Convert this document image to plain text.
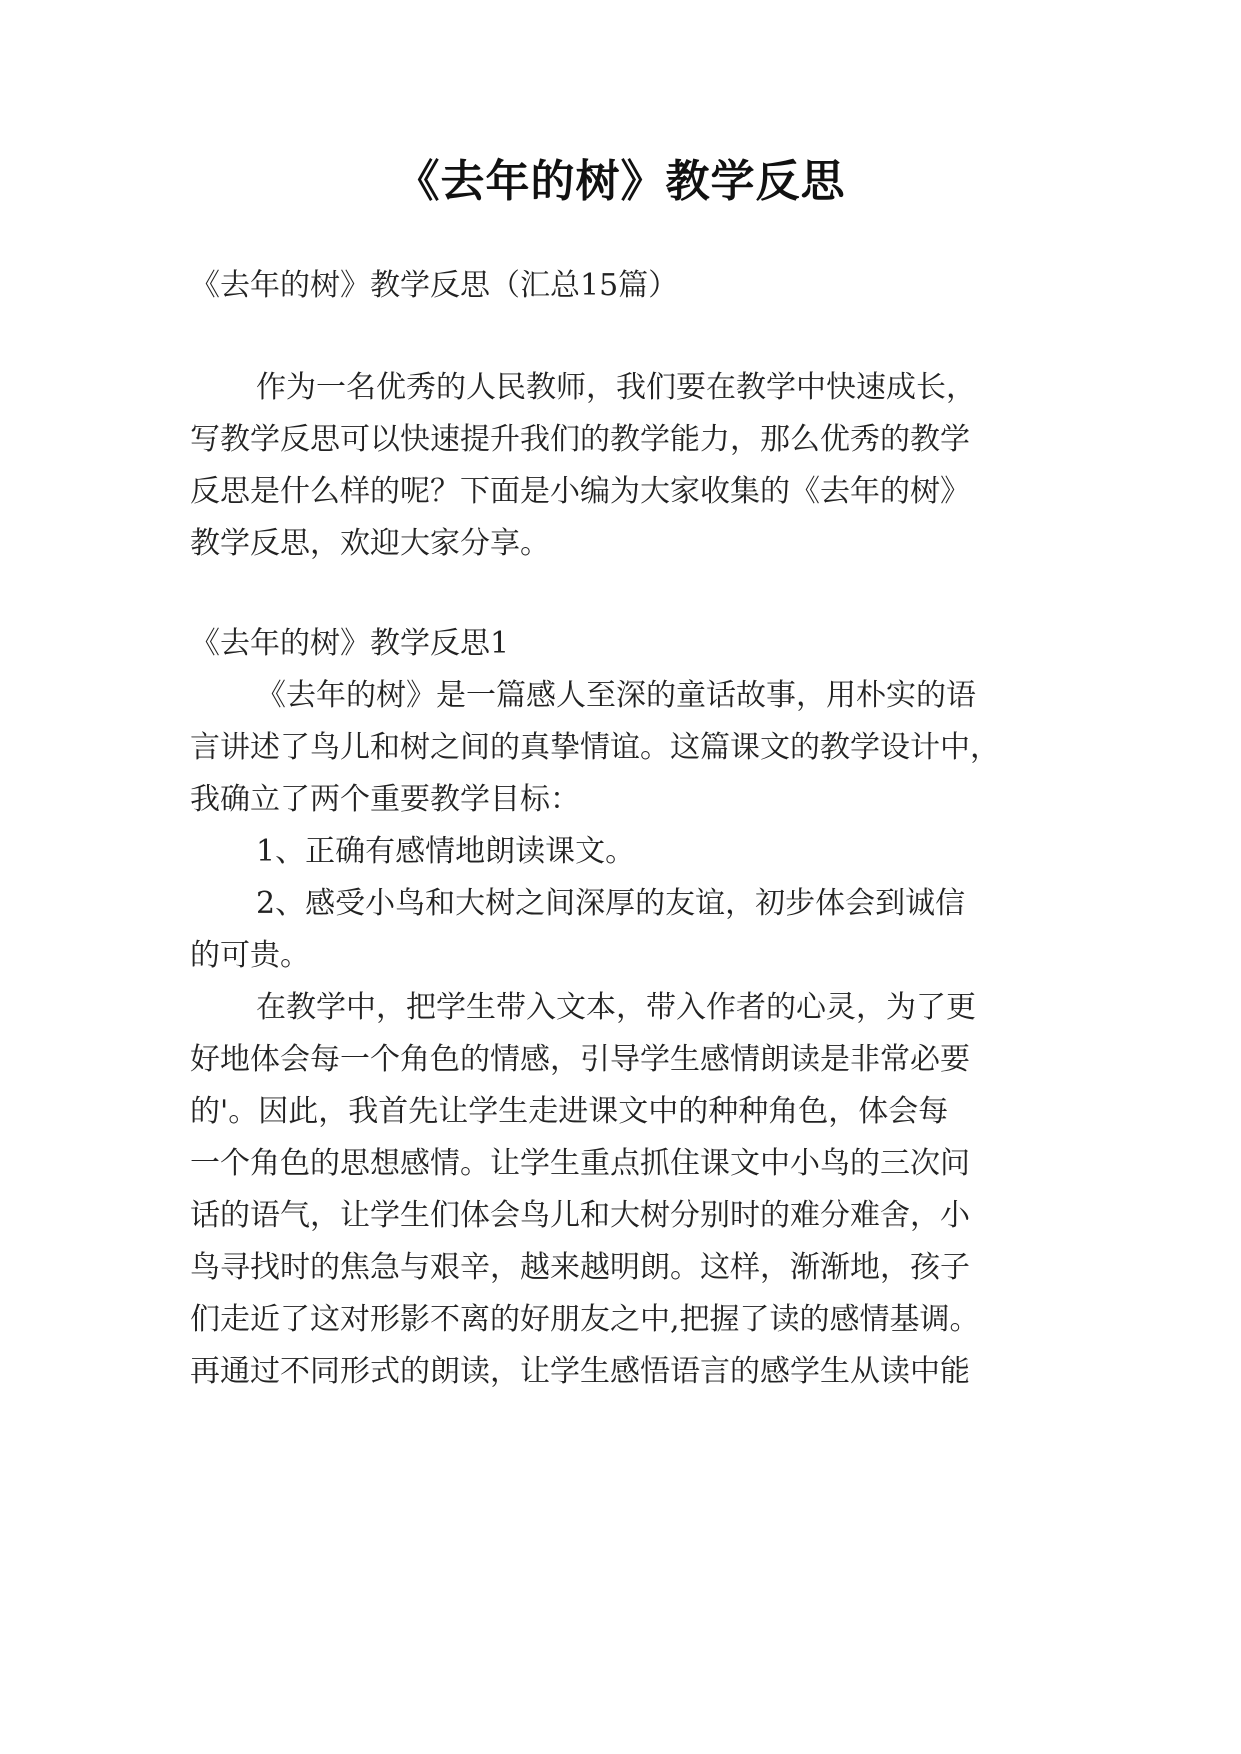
《去年的树》教学反思

《去年的树》教学反思（汇总15篇）

作为一名优秀的人民教师，我们要在教学中快速成长，

写教学反思可以快速提升我们的教学能力，那么优秀的教学

反思是什么样的呢？下面是小编为大家收集的《去年的树》

教学反思，欢迎大家分享。

《去年的树》教学反思1

《去年的树》是一篇感人至深的童话故事，用朴实的语

言讲述了鸟儿和树之间的真挚情谊。这篇课文的教学设计中，

我确立了两个重要教学目标：

1、正确有感情地朗读课文。

2、感受小鸟和大树之间深厚的友谊，初步体会到诚信

的可贵。

在教学中，把学生带入文本，带入作者的心灵，为了更

好地体会每一个角色的情感，引导学生感情朗读是非常必要

的'。因此，我首先让学生走进课文中的种种角色，体会每

一个角色的思想感情。让学生重点抓住课文中小鸟的三次问

话的语气，让学生们体会鸟儿和大树分别时的难分难舍，小

鸟寻找时的焦急与艰辛，越来越明朗。这样，渐渐地，孩子

们走近了这对形影不离的好朋友之中,把握了读的感情基调。

再通过不同形式的朗读，让学生感悟语言的感学生从读中能
